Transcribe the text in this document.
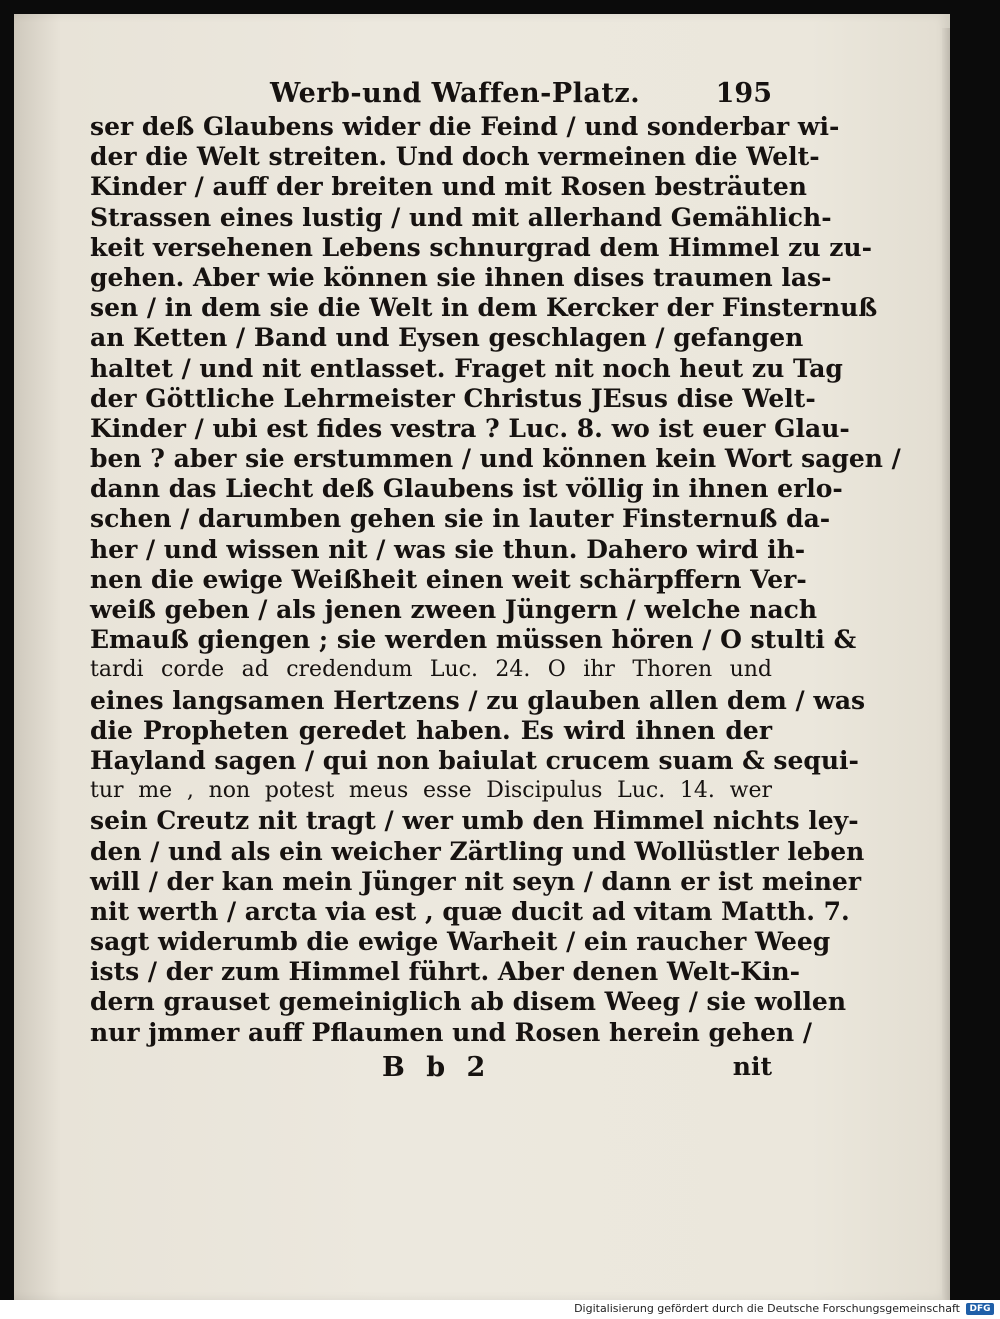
Werb-und Waffen-Platz.	195
ser deß Glaubens wider die Feind / und sonderbar wi-
der die Welt streiten. Und doch vermeinen die Welt-
Kinder / auff der breiten und mit Rosen besträuten
Strassen eines lustig / und mit allerhand Gemählich-
keit versehenen Lebens schnurgrad dem Himmel zu zu-
gehen. Aber wie können sie ihnen dises traumen las-
sen / in dem sie die Welt in dem Kercker der Finsternuß
an Ketten / Band und Eysen geschlagen / gefangen
haltet / und nit entlasset. Fraget nit noch heut zu Tag
der Göttliche Lehrmeister Christus JEsus dise Welt-
Kinder / ubi est fides vestra ? Luc. 8. wo ist euer Glau-
ben ? aber sie erstummen / und können kein Wort sagen /
dann das Liecht deß Glaubens ist völlig in ihnen erlo-
schen / darumben gehen sie in lauter Finsternuß da-
her / und wissen nit / was sie thun. Dahero wird ih-
nen die ewige Weißheit einen weit schärpffern Ver-
weiß geben / als jenen zween Jüngern / welche nach
Emauß giengen ; sie werden müssen hören / O stulti &
tardi corde ad credendum Luc. 24. O ihr Thoren und
eines langsamen Hertzens / zu glauben allen dem / was
die Propheten geredet haben. Es wird ihnen der
Hayland sagen / qui non baiulat crucem suam & sequi-
tur me , non potest meus esse Discipulus Luc. 14. wer
sein Creutz nit tragt / wer umb den Himmel nichts ley-
den / und als ein weicher Zärtling und Wollüstler leben
will / der kan mein Jünger nit seyn / dann er ist meiner
nit werth / arcta via est , quæ ducit ad vitam Matth. 7.
sagt widerumb die ewige Warheit / ein raucher Weeg
ists / der zum Himmel führt. Aber denen Welt-Kin-
dern grauset gemeiniglich ab disem Weeg / sie wollen
nur jmmer auff Pflaumen und Rosen herein gehen /
B b 2	nit
Digitalisierung gefördert durch die Deutsche Forschungsgemeinschaft	DFG
